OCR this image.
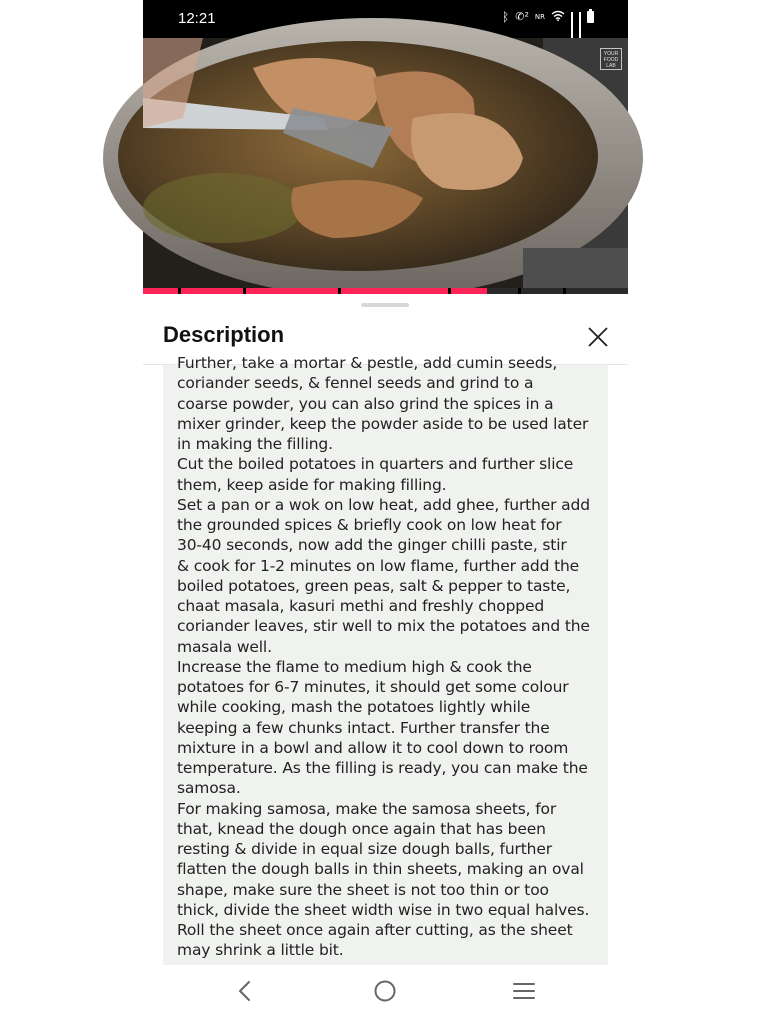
12:21	ᛒ ✆² NR
YOUR FOOD LAB
Description

Further, take a mortar & pestle, add cumin seeds,
coriander seeds, & fennel seeds and grind to a
coarse powder, you can also grind the spices in a
mixer grinder, keep the powder aside to be used later
in making the filling.
Cut the boiled potatoes in quarters and further slice
them, keep aside for making filling.
Set a pan or a wok on low heat, add ghee, further add
the grounded spices & briefly cook on low heat for
30-40 seconds, now add the ginger chilli paste, stir
& cook for 1-2 minutes on low flame, further add the
boiled potatoes, green peas, salt & pepper to taste,
chaat masala, kasuri methi and freshly chopped
coriander leaves, stir well to mix the potatoes and the
masala well.
Increase the flame to medium high & cook the
potatoes for 6-7 minutes, it should get some colour
while cooking, mash the potatoes lightly while
keeping a few chunks intact. Further transfer the
mixture in a bowl and allow it to cool down to room
temperature. As the filling is ready, you can make the
samosa.
For making samosa, make the samosa sheets, for
that, knead the dough once again that has been
resting & divide in equal size dough balls, further
flatten the dough balls in thin sheets, making an oval
shape, make sure the sheet is not too thin or too
thick, divide the sheet width wise in two equal halves.
Roll the sheet once again after cutting, as the sheet
may shrink a little bit.
